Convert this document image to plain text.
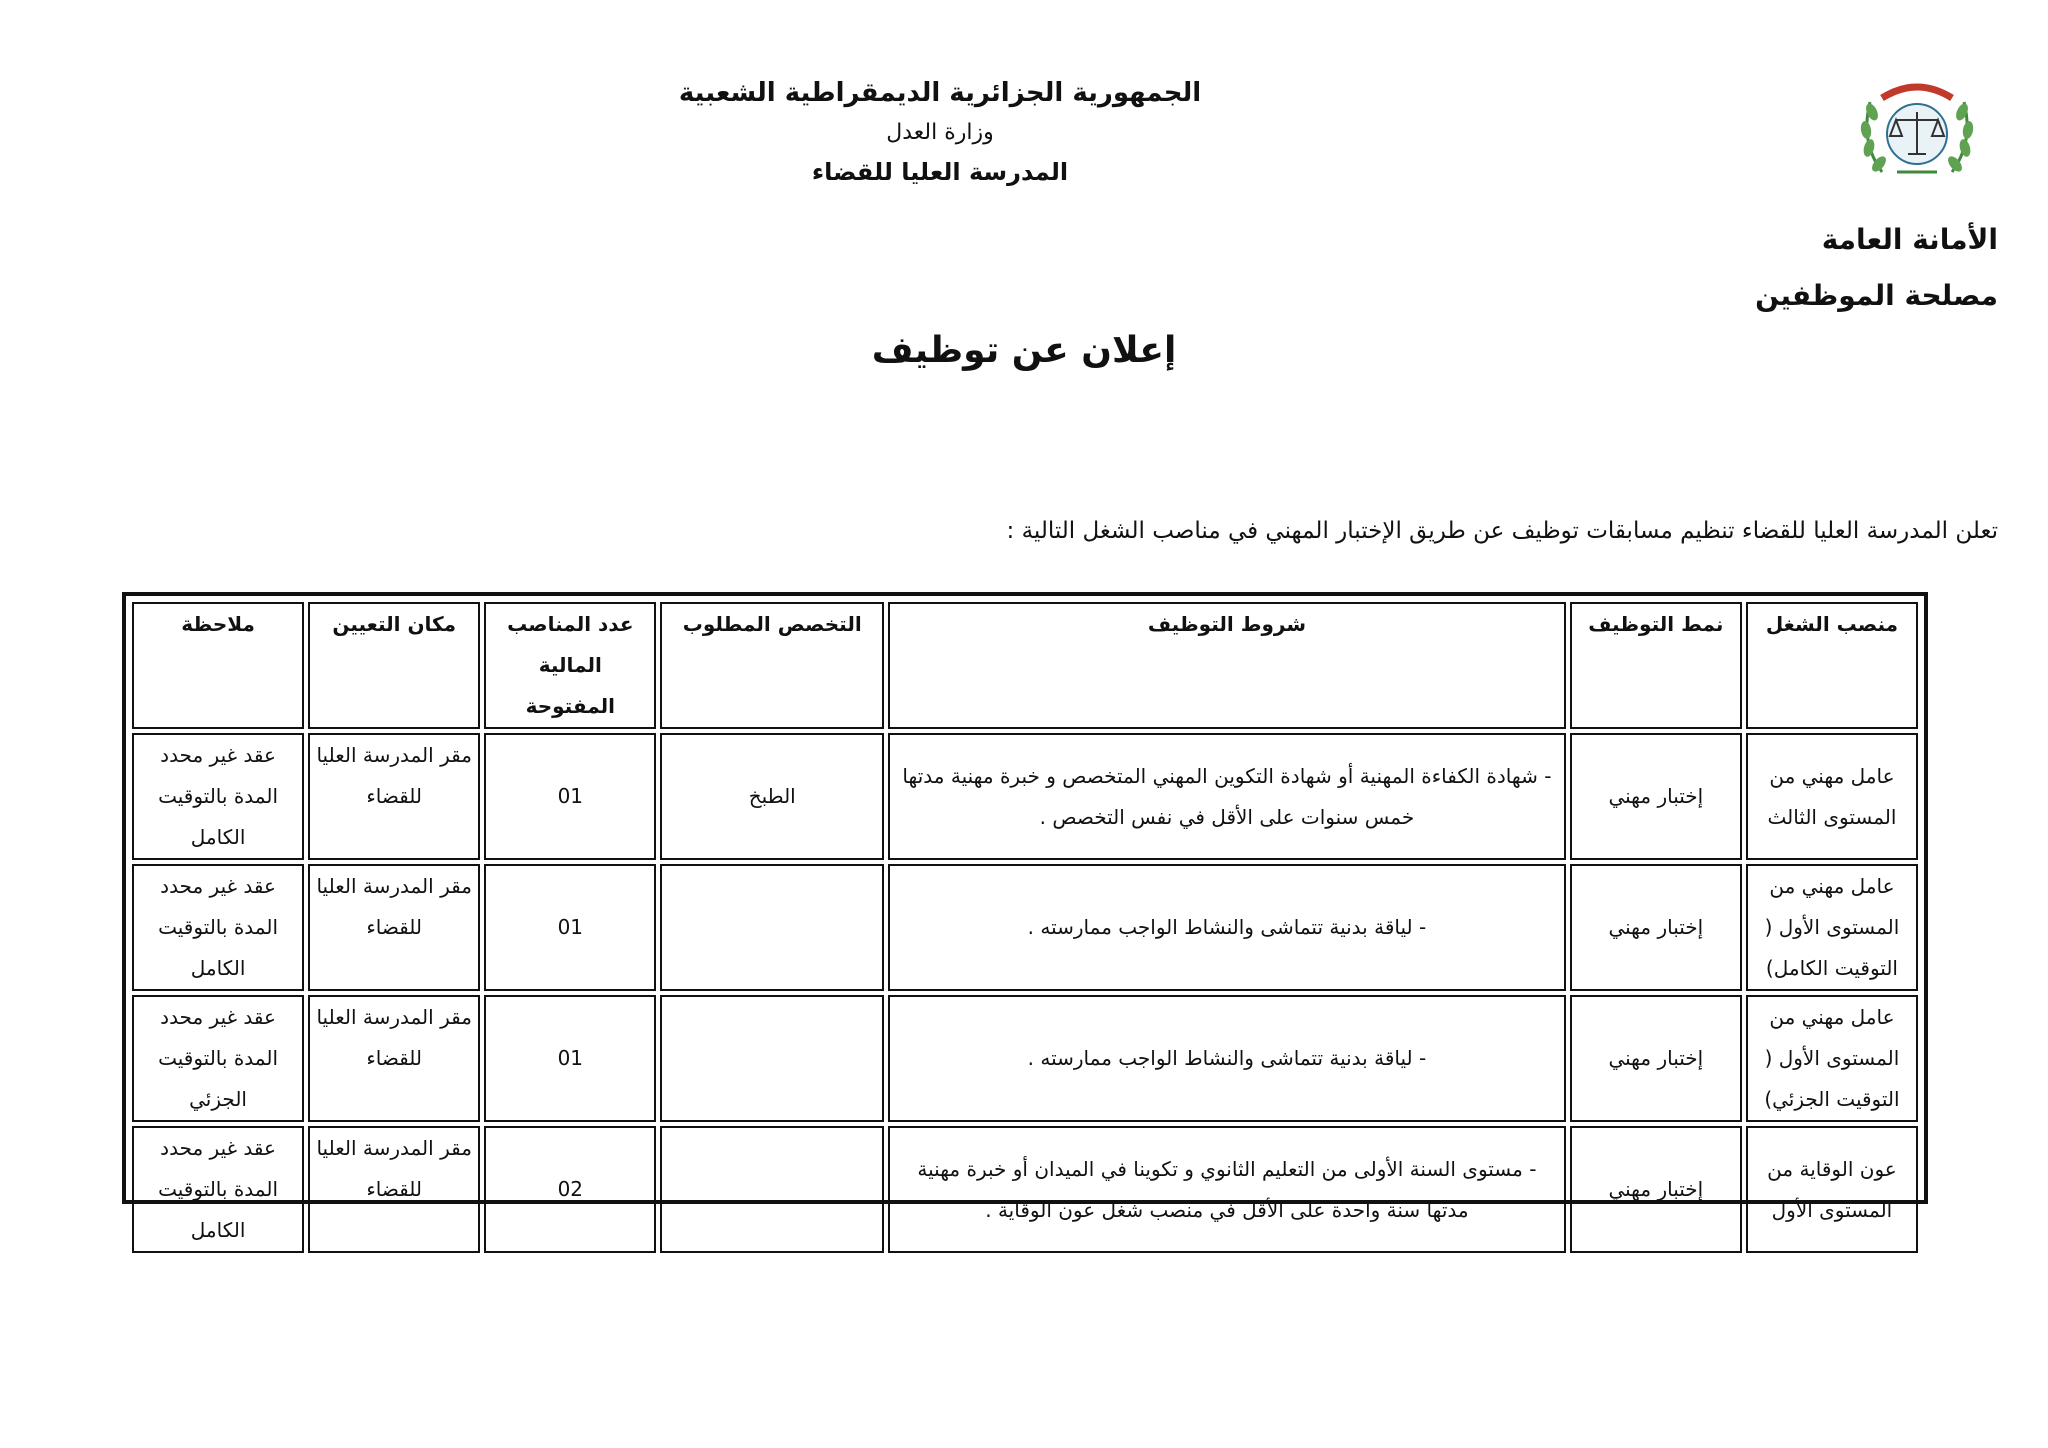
الجمهورية الجزائرية الديمقراطية الشعبية
وزارة العدل
المدرسة العليا للقضاء
الأمانة العامة
مصلحة الموظفين
إعلان عن توظيف
تعلن المدرسة العليا للقضاء تنظيم مسابقات توظيف عن طريق الإختبار المهني في مناصب الشغل التالية :
منصب الشغل	نمط التوظيف	شروط التوظيف	التخصص المطلوب	عدد المناصب المالية المفتوحة	مكان التعيين	ملاحظة
عامل مهني من المستوى الثالث	إختبار مهني	- شهادة الكفاءة المهنية أو شهادة التكوين المهني المتخصص و خبرة مهنية مدتها خمس سنوات على الأقل في نفس التخصص .	الطبخ	01	مقر المدرسة العليا للقضاء	عقد غير محدد المدة بالتوقيت الكامل
عامل مهني من المستوى الأول ( التوقيت الكامل)	إختبار مهني	- لياقة بدنية تتماشى والنشاط الواجب ممارسته .		01	مقر المدرسة العليا للقضاء	عقد غير محدد المدة بالتوقيت الكامل
عامل مهني من المستوى الأول ( التوقيت الجزئي)	إختبار مهني	- لياقة بدنية تتماشى والنشاط الواجب ممارسته .		01	مقر المدرسة العليا للقضاء	عقد غير محدد المدة بالتوقيت الجزئي
عون الوقاية من المستوى الأول	إختبار مهني	- مستوى السنة الأولى من التعليم الثانوي و تكوينا في الميدان أو خبرة مهنية مدتها سنة واحدة على الأقل في منصب شغل عون الوقاية .		02	مقر المدرسة العليا للقضاء	عقد غير محدد المدة بالتوقيت الكامل
